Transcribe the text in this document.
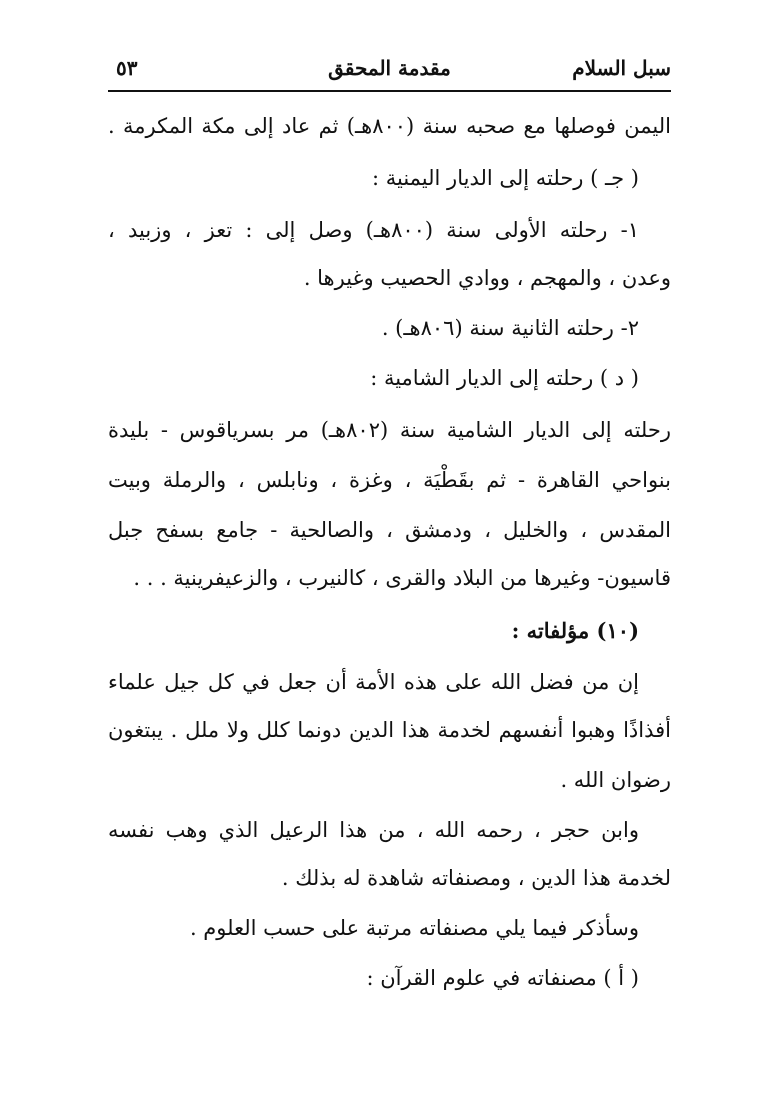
سبل السلام
مقدمة المحقق
٥٣
اليمن فوصلها مع صحبه سنة (٨٠٠هـ) ثم عاد إلى مكة المكرمة .
( جـ ) رحلته إلى الديار اليمنية :
١- رحلته الأولى سنة (٨٠٠هـ) وصل إلى : تعز ، وزبيد ،
وعدن ، والمهجم ، ووادي الحصيب وغيرها .
٢- رحلته الثانية سنة (٨٠٦هـ) .
( د ) رحلته إلى الديار الشامية :
رحلته إلى الديار الشامية سنة (٨٠٢هـ) مر بسرياقوس - بليدة
بنواحي القاهرة - ثم بقَطْيَة ، وغزة ، ونابلس ، والرملة وبيت
المقدس ، والخليل ، ودمشق ، والصالحية - جامع بسفح جبل
قاسيون- وغيرها من البلاد والقرى ، كالنيرب ، والزعيفرينية . . .
(١٠) مؤلفاته :
إن من فضل الله على هذه الأمة أن جعل في كل جيل علماء
أفذاذًا وهبوا أنفسهم لخدمة هذا الدين دونما كلل ولا ملل . يبتغون
رضوان الله .
وابن حجر ، رحمه الله ، من هذا الرعيل الذي وهب نفسه
لخدمة هذا الدين ، ومصنفاته شاهدة له بذلك .
وسأذكر فيما يلي مصنفاته مرتبة على حسب العلوم .
( أ ) مصنفاته في علوم القرآن :
